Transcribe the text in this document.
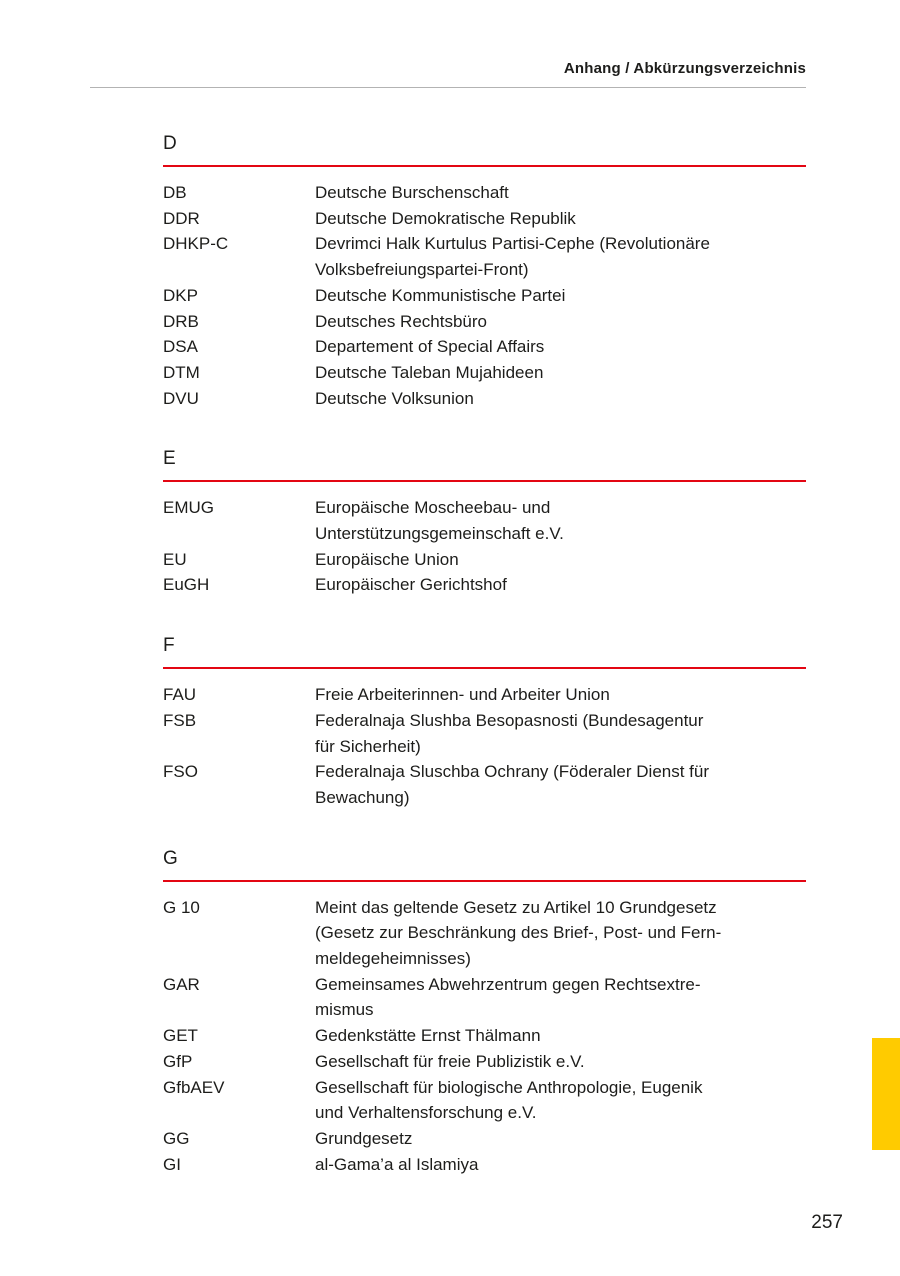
Anhang / Abkürzungsverzeichnis
D
DB	Deutsche Burschenschaft
DDR	Deutsche Demokratische Republik
DHKP-C	Devrimci Halk Kurtulus Partisi-Cephe (Revolutionäre
Volksbefreiungspartei-Front)
DKP	Deutsche Kommunistische Partei
DRB	Deutsches Rechtsbüro
DSA	Departement of Special Affairs
DTM	Deutsche Taleban Mujahideen
DVU	Deutsche Volksunion
E
EMUG	Europäische Moscheebau- und
Unterstützungsgemeinschaft e.V.
EU	Europäische Union
EuGH	Europäischer Gerichtshof
F
FAU	Freie Arbeiterinnen- und Arbeiter Union
FSB	Federalnaja Slushba Besopasnosti (Bundesagentur
für Sicherheit)
FSO	Federalnaja Sluschba Ochrany (Föderaler Dienst für
Bewachung)
G
G 10	Meint das geltende Gesetz zu Artikel 10 Grundgesetz
(Gesetz zur Beschränkung des Brief-, Post- und Fern-
meldegeheimnisses)
GAR	Gemeinsames Abwehrzentrum gegen Rechtsextre-
mismus
GET	Gedenkstätte Ernst Thälmann
GfP	Gesellschaft für freie Publizistik e.V.
GfbAEV	Gesellschaft für biologische Anthropologie, Eugenik
und Verhaltensforschung e.V.
GG	Grundgesetz
GI	al-Gama’a al Islamiya
257
